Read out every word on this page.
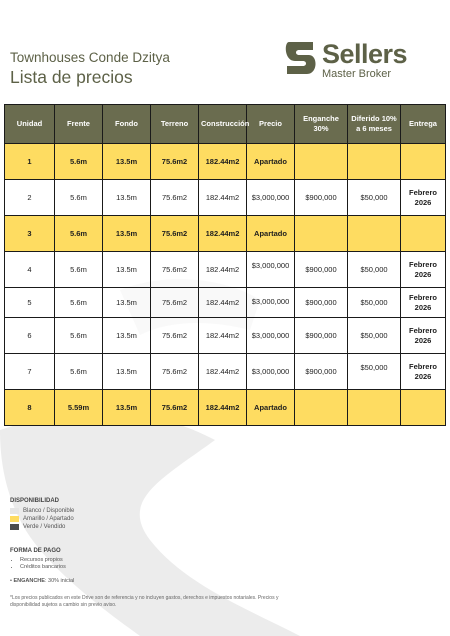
Townhouses Conde Dzitya
Lista de precios
Sellers
Master Broker
Unidad	Frente	Fondo	Terreno	Construcción	Precio	Enganche 30%	Diferido 10% a 6 meses	Entrega
1	5.6m	13.5m	75.6m2	182.44m2	Apartado			
2	5.6m	13.5m	75.6m2	182.44m2	$3,000,000	$900,000	$50,000	Febrero 2026
3	5.6m	13.5m	75.6m2	182.44m2	Apartado			
4	5.6m	13.5m	75.6m2	182.44m2	$3,000,000	$900,000	$50,000	Febrero 2026
5	5.6m	13.5m	75.6m2	182.44m2	$3,000,000	$900,000	$50,000	Febrero 2026
6	5.6m	13.5m	75.6m2	182.44m2	$3,000,000	$900,000	$50,000	Febrero 2026
7	5.6m	13.5m	75.6m2	182.44m2	$3,000,000	$900,000	$50,000	Febrero 2026
8	5.59m	13.5m	75.6m2	182.44m2	Apartado			
DISPONIBILIDAD
Blanco / Disponible
Amarillo / Apartado
Verde / Vendido
FORMA DE PAGO
• Recursos propios
• Créditos bancarios
• ENGANCHE: 30% inicial
*Los precios publicados en este Drive son de referencia y no incluyen gastos, derechos e impuestos notariales. Precios y disponibilidad sujetos a cambio sin previo aviso.
